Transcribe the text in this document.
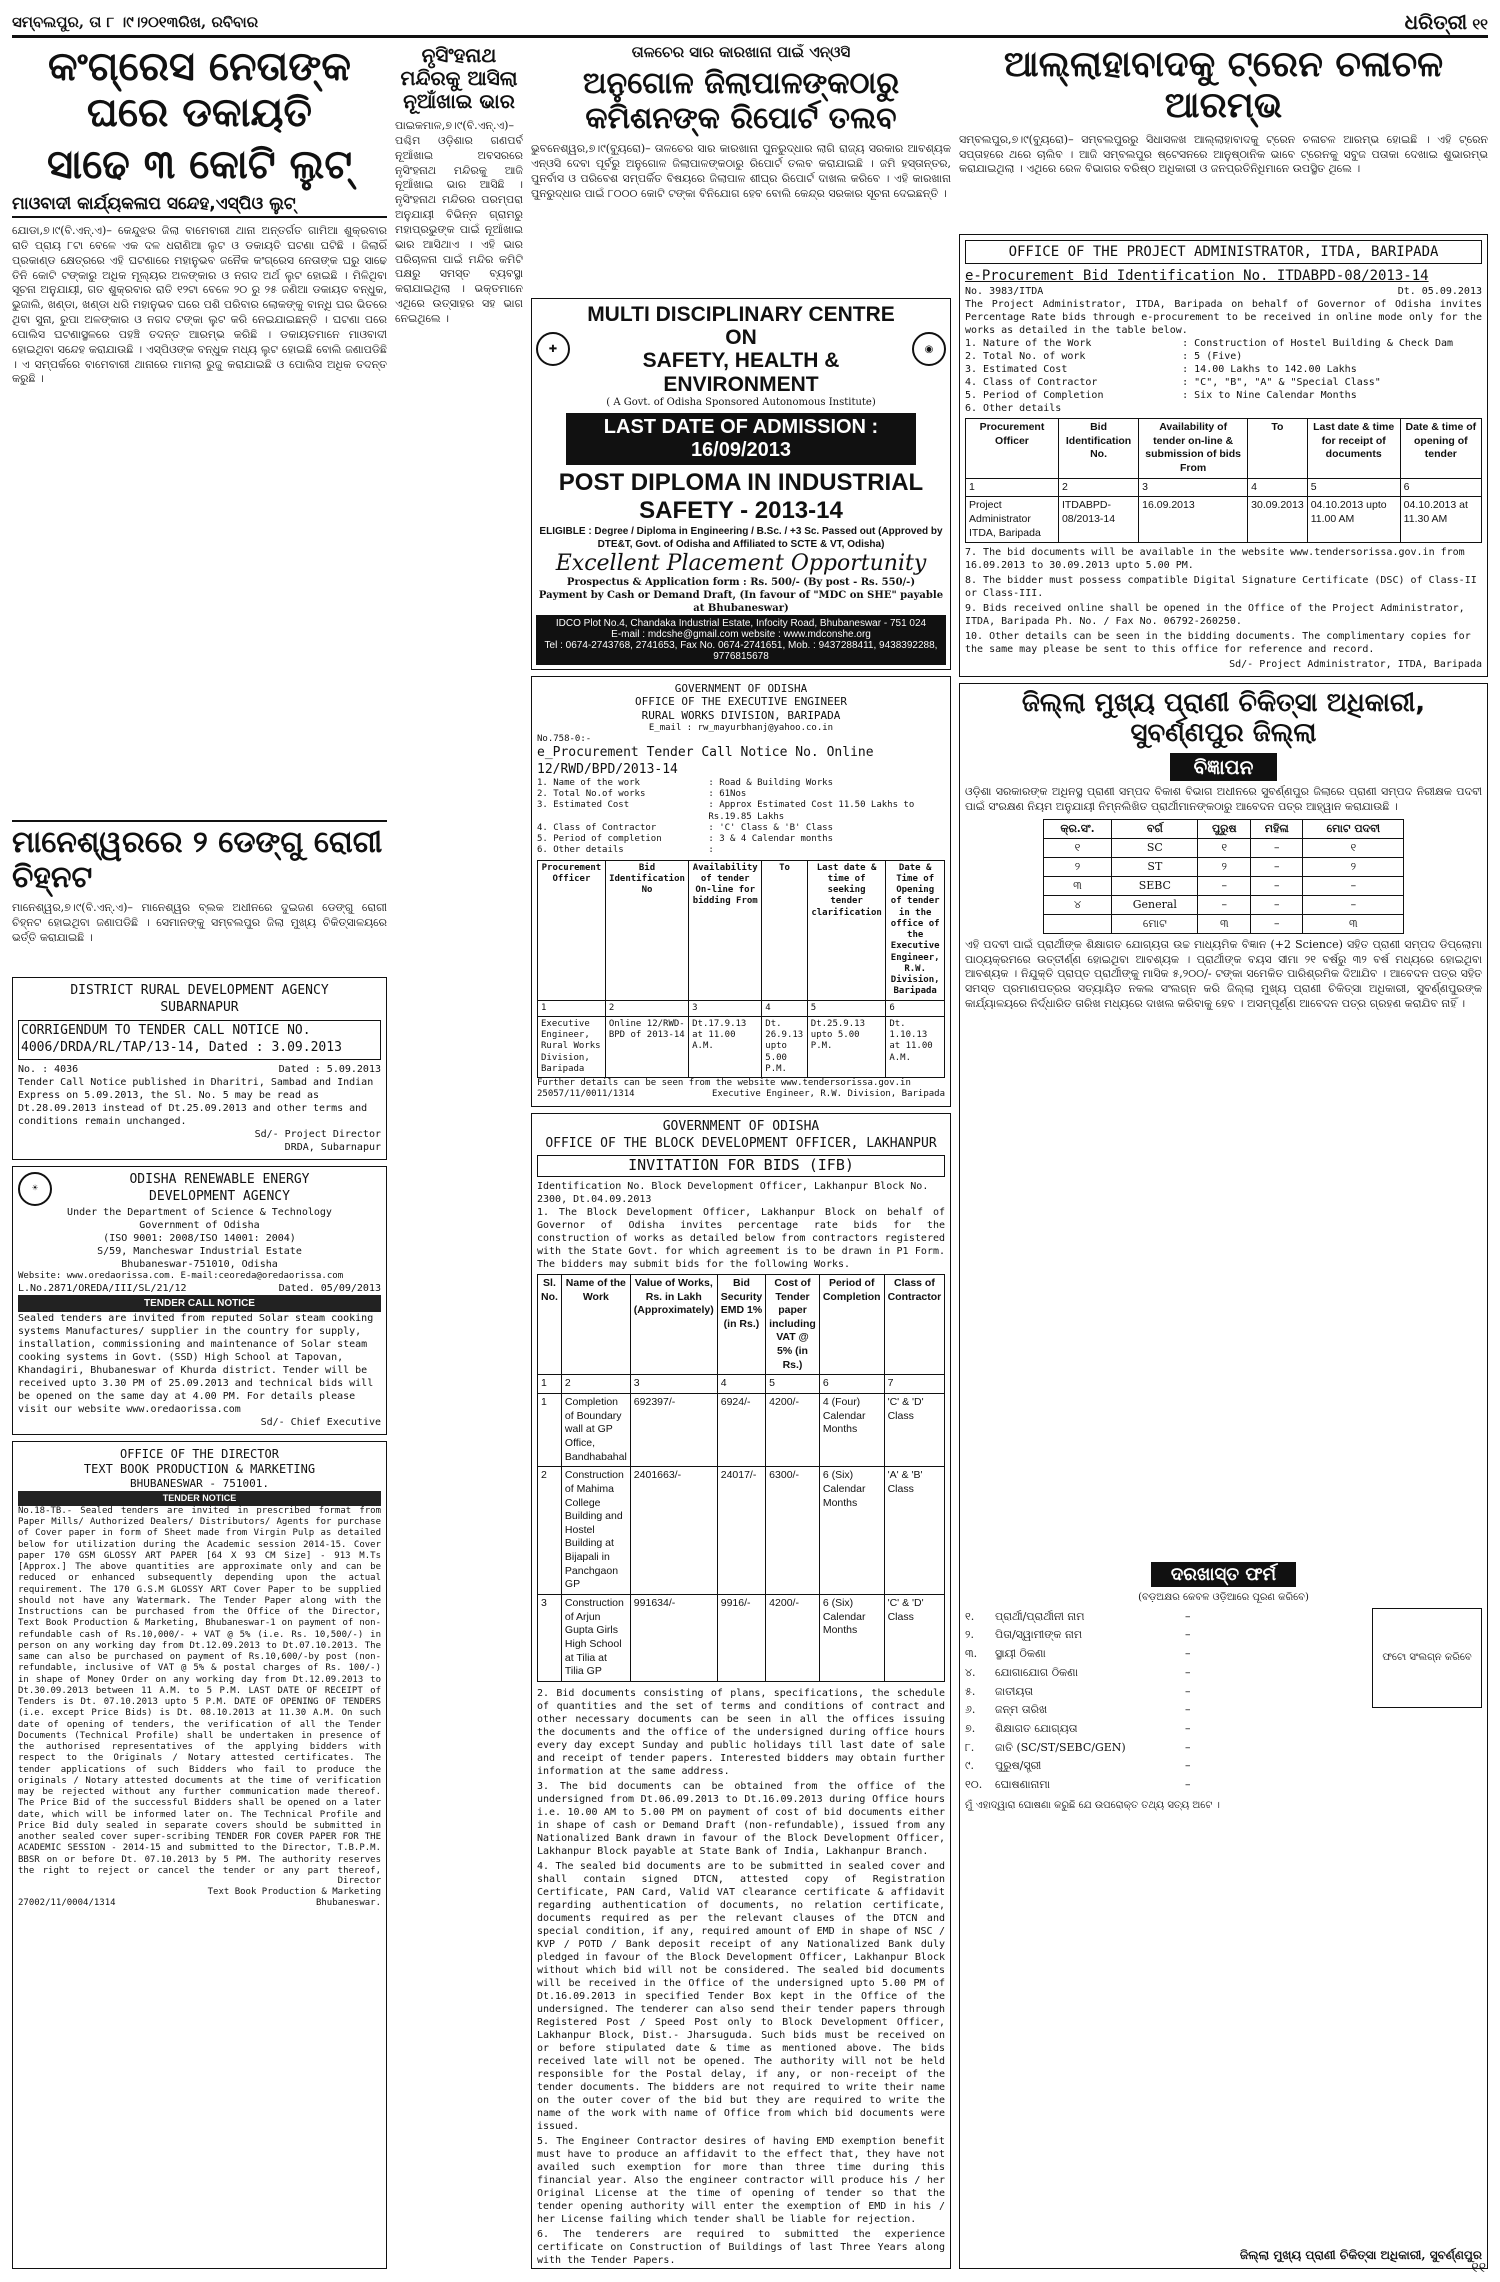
ସମ୍ବଲପୁର, ତା ୮ ।୯।୨୦୧୩ରିଖ, ରବିବାର	ଧରିତ୍ରୀ ୧୧
କଂଗ୍ରେସ ନେତାଙ୍କ ଘରେ ଡକାୟତି
ସାଢେ ୩ କୋଟି ଲୁଟ୍
ମାଓବାଦୀ କାର୍ଯ୍ୟକଳାପ ସନ୍ଦେହ,ଏସ୍‌ପିଓ ଲୁଟ୍
ଯୋଡା,୭।୯(ବି.ଏନ୍.ଏ)– କେନ୍ଦୁଝର ଜିଲା ବାମେବାରୀ ଥାନା ଅନ୍ତର୍ଗତ ଗାମିଆ ଶୁକ୍ରବାର ରାତି ପ୍ରାୟ ୮ଟା ବେଳେ ଏକ ଦଳ ଧରାଣିଆ ଲୁଟ ଓ ଡକାୟତି ଘଟଣା ଘଟିଛି । ଜିଲାରିଁ ପ୍ରକାଣ୍ଡ କ୍ଷେତ୍ରରେ ଏହି ଘଟଣାରେ ମହାନୁଭବ ଜନୈକ କଂଗ୍ରେସ ନେତାଙ୍କ ଘରୁ ସାଢେ ତିନି କୋଟି ଟଙ୍କାରୁ ଅଧିକ ମୂଲ୍ୟର ଅଳଙ୍କାର ଓ ନଗଦ ଅର୍ଥ ଲୁଟ ହୋଇଛି । ମିଳିଥିବା ସୂଚନା ଅନୁଯାୟୀ, ଗତ ଶୁକ୍ରବାର ରାତି ୧୨ଟା ବେଳେ ୨୦ ରୁ ୨୫ ଜଣିଆ ଡକାୟତ ବନ୍ଧୁକ, ଭୁଜାଲି, ଖଣ୍ଡା, ଖଣ୍ଡା ଧରି ମହାନୁଭବ ଘରେ ପଶି ପରିବାର ଲୋକଙ୍କୁ ବାନ୍ଧି ଘର ଭିତରେ ଥିବା ସୁନା, ରୁପା ଅଳଙ୍କାର ଓ ନଗଦ ଟଙ୍କା ଲୁଟ କରି ନେଇଯାଇଛନ୍ତି । ଘଟଣା ପରେ ପୋଲିସ ଘଟଣାସ୍ଥଳରେ ପହଞ୍ଚି ତଦନ୍ତ ଆରମ୍ଭ କରିଛି । ଡକାୟତମାନେ ମାଓବାଦୀ ହୋଇଥିବା ସନ୍ଦେହ କରାଯାଉଛି । ଏସ୍‌ପିଓଙ୍କ ବନ୍ଧୁକ ମଧ୍ୟ ଲୁଟ ହୋଇଛି ବୋଲି ଜଣାପଡିଛି । ଏ ସମ୍ପର୍କରେ ବାମେବାରୀ ଥାନାରେ ମାମଲା ରୁଜୁ କରାଯାଇଛି ଓ ପୋଲିସ ଅଧିକ ତଦନ୍ତ କରୁଛି ।
ମାନେଶ୍ୱରରେ ୨ ଡେଙ୍ଗୁ ରୋଗୀ ଚିହ୍ନଟ
ମାନେଶ୍ୱର,୭।୯(ବି.ଏନ୍.ଏ)– ମାନେଶ୍ୱର ବ୍ଲକ ଅଧୀନରେ ଦୁଇଜଣ ଡେଙ୍ଗୁ ରୋଗୀ ଚିହ୍ନଟ ହୋଇଥିବା ଜଣାପଡିଛି । ସେମାନଙ୍କୁ ସମ୍ବଲପୁର ଜିଲା ମୁଖ୍ୟ ଚିକିତ୍ସାଳୟରେ ଭର୍ତ୍ତି କରାଯାଇଛି ।
DISTRICT RURAL DEVELOPMENT AGENCY
SUBARNAPUR
CORRIGENDUM TO TENDER CALL NOTICE NO. 4006/DRDA/RL/TAP/13-14, Dated : 3.09.2013
No. : 4036	Dated : 5.09.2013
Tender Call Notice published in Dharitri, Sambad and Indian Express on 5.09.2013, the Sl. No. 5 may be read as Dt.28.09.2013 instead of Dt.25.09.2013 and other terms and conditions remain unchanged.
Sd/- Project Director
DRDA, Subarnapur
☀
ODISHA RENEWABLE ENERGY
DEVELOPMENT AGENCY
Under the Department of Science & Technology
Government of Odisha
(ISO 9001: 2008/ISO 14001: 2004)
S/59, Mancheswar Industrial Estate
Bhubaneswar-751010, Odisha
Website: www.oredaorissa.com. E-mail:ceoreda@oredaorissa.com
L.No.2871/OREDA/III/SL/21/12	Dated. 05/09/2013
TENDER CALL NOTICE
Sealed tenders are invited from reputed Solar steam cooking systems Manufactures/ supplier in the country for supply, installation, commissioning and maintenance of Solar steam cooking systems in Govt. (SSD) High School at Tapovan, Khandagiri, Bhubaneswar of Khurda district. Tender will be received upto 3.30 PM of 25.09.2013 and technical bids will be opened on the same day at 4.00 PM. For details please visit our website www.oredaorissa.com
Sd/- Chief Executive
OFFICE OF THE DIRECTOR
TEXT BOOK PRODUCTION & MARKETING
BHUBANESWAR - 751001.
TENDER NOTICE
No.18-TB.- Sealed tenders are invited in prescribed format from Paper Mills/ Authorized Dealers/ Distributors/ Agents for purchase of Cover paper in form of Sheet made from Virgin Pulp as detailed below for utilization during the Academic session 2014-15. Cover paper 170 GSM GLOSSY ART PAPER [64 X 93 CM Size] - 913 M.Ts [Approx.] The above quantities are approximate only and can be reduced or enhanced subsequently depending upon the actual requirement. The 170 G.S.M GLOSSY ART Cover Paper to be supplied should not have any Watermark. The Tender Paper along with the Instructions can be purchased from the Office of the Director, Text Book Production & Marketing, Bhubaneswar-1 on payment of non-refundable cash of Rs.10,000/- + VAT @ 5% (i.e. Rs. 10,500/-) in person on any working day from Dt.12.09.2013 to Dt.07.10.2013. The same can also be purchased on payment of Rs.10,600/-by post (non-refundable, inclusive of VAT @ 5% & postal charges of Rs. 100/-) in shape of Money Order on any working day from Dt.12.09.2013 to Dt.30.09.2013 between 11 A.M. to 5 P.M. LAST DATE OF RECEIPT of Tenders is Dt. 07.10.2013 upto 5 P.M. DATE OF OPENING OF TENDERS (i.e. except Price Bids) is Dt. 08.10.2013 at 11.30 A.M. On such date of opening of tenders, the verification of all the Tender Documents (Technical Profile) shall be undertaken in presence of the authorised representatives of the applying bidders with respect to the Originals / Notary attested certificates. The tender applications of such Bidders who fail to produce the originals / Notary attested documents at the time of verification may be rejected without any further communication made thereof. The Price Bid of the successful Bidders shall be opened on a later date, which will be informed later on. The Technical Profile and Price Bid duly sealed in separate covers should be submitted in another sealed cover super-scribing TENDER FOR COVER PAPER FOR THE ACADEMIC SESSION - 2014-15 and submitted to the Director, T.B.P.M. BBSR on or before Dt. 07.10.2013 by 5 PM. The authority reserves the right to reject or cancel the tender or any part thereof,
Director
Text Book Production & Marketing
27002/11/0004/1314	Bhubaneswar.
ନୃସିଂହନାଥ ମନ୍ଦିରକୁ ଆସିଲା ନୂଆଁଖାଇ ଭାର
ପାଇକମାଳ,୭।୯(ବି.ଏନ୍.ଏ)– ପଶ୍ଚିମ ଓଡ଼ିଶାର ଗଣପର୍ବ ନୂଆଁଖାଇ ଅବସରରେ ନୃସିଂହନାଥ ମନ୍ଦିରକୁ ଆଜି ନୂଆଁଖାଇ ଭାର ଆସିଛି । ନୃସିଂହନାଥ ମନ୍ଦିରର ପରମ୍ପରା ଅନୁଯାୟୀ ବିଭିନ୍ନ ଗ୍ରାମରୁ ମହାପ୍ରଭୁଙ୍କ ପାଇଁ ନୂଆଁଖାଇ ଭାର ଆସିଥାଏ । ଏହି ଭାର ପରିଚାଳନା ପାଇଁ ମନ୍ଦିର କମିଟି ପକ୍ଷରୁ ସମସ୍ତ ବ୍ୟବସ୍ଥା କରାଯାଇଥିଲା । ଭକ୍ତମାନେ ଏଥିରେ ଉତ୍ସାହର ସହ ଭାଗ ନେଇଥିଲେ ।
ତାଳଚେର ସାର କାରଖାନା ପାଇଁ ଏନ୍‌ଓସି
ଅନୁଗୋଳ ଜିଲାପାଳଙ୍କଠାରୁ କମିଶନଙ୍କ ରିପୋର୍ଟ ତଲବ
ଭୁବନେଶ୍ୱର,୭।୯(ବ୍ୟୁରୋ)– ତାଳଚେର ସାର କାରଖାନା ପୁନରୁଦ୍ଧାର ଲାଗି ରାଜ୍ୟ ସରକାର ଆବଶ୍ୟକ ଏନ୍‌ଓସି ଦେବା ପୂର୍ବରୁ ଅନୁଗୋଳ ଜିଲାପାଳଙ୍କଠାରୁ ରିପୋର୍ଟ ତଲବ କରାଯାଇଛି । ଜମି ହସ୍ତାନ୍ତର, ପୁନର୍ବାସ ଓ ପରିବେଶ ସମ୍ପର୍କିତ ବିଷୟରେ ଜିଲାପାଳ ଶୀଘ୍ର ରିପୋର୍ଟ ଦାଖଲ କରିବେ । ଏହି କାରଖାନା ପୁନରୁଦ୍ଧାର ପାଇଁ ୮୦୦୦ କୋଟି ଟଙ୍କା ବିନିଯୋଗ ହେବ ବୋଲି କେନ୍ଦ୍ର ସରକାର ସୂଚନା ଦେଇଛନ୍ତି ।
✚
MULTI DISCIPLINARY CENTRE ON
SAFETY, HEALTH & ENVIRONMENT
◉
( A Govt. of Odisha Sponsored Autonomous Institute)
LAST DATE OF ADMISSION : 16/09/2013
POST DIPLOMA IN INDUSTRIAL SAFETY - 2013-14
ELIGIBLE : Degree / Diploma in Engineering / B.Sc. / +3 Sc. Passed out (Approved by DTE&T, Govt. of Odisha and Affiliated to SCTE & VT, Odisha)
Excellent Placement Opportunity
Prospectus & Application form : Rs. 500/- (By post - Rs. 550/-)
Payment by Cash or Demand Draft, (In favour of "MDC on SHE" payable at Bhubaneswar)
IDCO Plot No.4, Chandaka Industrial Estate, Infocity Road, Bhubaneswar - 751 024
E-mail : mdcshe@gmail.com website : www.mdconshe.org
Tel : 0674-2743768, 2741653, Fax No. 0674-2741651, Mob. : 9437288411, 9438392288, 9776815678
GOVERNMENT OF ODISHA
OFFICE OF THE EXECUTIVE ENGINEER
RURAL WORKS DIVISION, BARIPADA
E_mail : rw_mayurbhanj@yahoo.co.in
No.758-0:-
e_Procurement Tender Call Notice No. Online 12/RWD/BPD/2013-14
1. Name of the work	: Road & Building Works
2. Total No.of works	: 61Nos
3. Estimated Cost	: Approx Estimated Cost 11.50 Lakhs to Rs.19.85 Lakhs
4. Class of Contractor	: 'C' Class & 'B' Class
5. Period of completion	: 3 & 4 Calendar months
6. Other details	:
Procurement Officer	Bid Identification No	Availability of tender On-line for bidding From	To	Last date & time of seeking tender clarification	Date & Time of Opening of tender in the office of the Executive Engineer, R.W. Division, Baripada
1	2	3	4	5	6
Executive Engineer, Rural Works Division, Baripada	Online 12/RWD-BPD of 2013-14	Dt.17.9.13 at 11.00 A.M.	Dt. 26.9.13 upto 5.00 P.M.	Dt.25.9.13 upto 5.00 P.M.	Dt. 1.10.13 at 11.00 A.M.
Further details can be seen from the website www.tendersorissa.gov.in
25057/11/0011/1314	Executive Engineer, R.W. Division, Baripada
GOVERNMENT OF ODISHA
OFFICE OF THE BLOCK DEVELOPMENT OFFICER, LAKHANPUR
INVITATION FOR BIDS (IFB)
Identification No. Block Development Officer, Lakhanpur Block No. 2300, Dt.04.09.2013
1. The Block Development Officer, Lakhanpur Block on behalf of Governor of Odisha invites percentage rate bids for the construction of works as detailed below from contractors registered with the State Govt. for which agreement is to be drawn in P1 Form. The bidders may submit bids for the following Works.
Sl. No.	Name of the Work	Value of Works, Rs. in Lakh (Approximately)	Bid Security EMD 1% (in Rs.)	Cost of Tender paper including VAT @ 5% (in Rs.)	Period of Completion	Class of Contractor
1	2	3	4	5	6	7
1	Completion of Boundary wall at GP Office, Bandhabahal	692397/-	6924/-	4200/-	4 (Four) Calendar Months	'C' & 'D' Class
2	Construction of Mahima College Building and Hostel Building at Bijapali in Panchgaon GP	2401663/-	24017/-	6300/-	6 (Six) Calendar Months	'A' & 'B' Class
3	Construction of Arjun Gupta Girls High School at Tilia at Tilia GP	991634/-	9916/-	4200/-	6 (Six) Calendar Months	'C' & 'D' Class

2. Bid documents consisting of plans, specifications, the schedule of quantities and the set of terms and conditions of contract and other necessary documents can be seen in all the offices issuing the documents and the office of the undersigned during office hours every day except Sunday and public holidays till last date of sale and receipt of tender papers. Interested bidders may obtain further information at the same address.

3. The bid documents can be obtained from the office of the undersigned from Dt.06.09.2013 to Dt.16.09.2013 during Office hours i.e. 10.00 AM to 5.00 PM on payment of cost of bid documents either in shape of cash or Demand Draft (non-refundable), issued from any Nationalized Bank drawn in favour of the Block Development Officer, Lakhanpur Block payable at State Bank of India, Lakhanpur Branch.

4. The sealed bid documents are to be submitted in sealed cover and shall contain signed DTCN, attested copy of Registration Certificate, PAN Card, Valid VAT clearance certificate & affidavit regarding authentication of documents, no relation certificate, documents required as per the relevant clauses of the DTCN and special condition, if any, required amount of EMD in shape of NSC / KVP / POTD / Bank deposit receipt of any Nationalized Bank duly pledged in favour of the Block Development Officer, Lakhanpur Block without which bid will not be considered. The sealed bid documents will be received in the Office of the undersigned upto 5.00 PM of Dt.16.09.2013 in specified Tender Box kept in the Office of the undersigned. The tenderer can also send their tender papers through Registered Post / Speed Post only to Block Development Officer, Lakhanpur Block, Dist.- Jharsuguda. Such bids must be received on or before stipulated date & time as mentioned above. The bids received late will not be opened. The authority will not be held responsible for the Postal delay, if any, or non-receipt of the tender documents. The bidders are not required to write their name on the outer cover of the bid but they are required to write the name of the work with name of Office from which bid documents were issued.

5. The Engineer Contractor desires of having EMD exemption benefit must have to produce an affidavit to the effect that, they have not availed such exemption for more than three time during this financial year. Also the engineer contractor will produce his / her Original License at the time of opening of tender so that the tender opening authority will enter the exemption of EMD in his / her License failing which tender shall be liable for rejection.

6. The tenderers are required to submitted the experience certificate on Construction of Buildings of last Three Years along with the Tender Papers.

ଆଲ୍ଲାହାବାଦକୁ ଟ୍ରେନ ଚଳାଚଳ ଆରମ୍ଭ
ସମ୍ବଲପୁର,୭।୯(ବ୍ୟୁରୋ)– ସମ୍ବଲପୁରରୁ ସିଧାସଳଖ ଆଲ୍ଲାହାବାଦକୁ ଟ୍ରେନ ଚଳାଚଳ ଆରମ୍ଭ ହୋଇଛି । ଏହି ଟ୍ରେନ ସପ୍ତାହରେ ଥରେ ଚାଲିବ । ଆଜି ସମ୍ବଲପୁର ଷ୍ଟେସନରେ ଆନୁଷ୍ଠାନିକ ଭାବେ ଟ୍ରେନକୁ ସବୁଜ ପତାକା ଦେଖାଇ ଶୁଭାରମ୍ଭ କରାଯାଇଥିଲା । ଏଥିରେ ରେଳ ବିଭାଗର ବରିଷ୍ଠ ଅଧିକାରୀ ଓ ଜନପ୍ରତିନିଧିମାନେ ଉପସ୍ଥିତ ଥିଲେ ।
OFFICE OF THE PROJECT ADMINISTRATOR, ITDA, BARIPADA
e-Procurement Bid Identification No. ITDABPD-08/2013-14
No. 3983/ITDA	Dt. 05.09.2013
The Project Administrator, ITDA, Baripada on behalf of Governor of Odisha invites Percentage Rate bids through e-procurement to be received in online mode only for the works as detailed in the table below.
1. Nature of the Work	: Construction of Hostel Building & Check Dam
2. Total No. of work	: 5 (Five)
3. Estimated Cost	: 14.00 Lakhs to 142.00 Lakhs
4. Class of Contractor	: "C", "B", "A" & "Special Class"
5. Period of Completion	: Six to Nine Calendar Months
6. Other details
Procurement Officer	Bid Identification No.	Availability of tender on-line & submission of bids From	To	Last date & time for receipt of documents	Date & time of opening of tender
1	2	3	4	5	6
Project Administrator ITDA, Baripada	ITDABPD-08/2013-14	16.09.2013	30.09.2013	04.10.2013 upto 11.00 AM	04.10.2013 at 11.30 AM

7. The bid documents will be available in the website www.tendersorissa.gov.in from 16.09.2013 to 30.09.2013 upto 5.00 PM.

8. The bidder must possess compatible Digital Signature Certificate (DSC) of Class-II or Class-III.

9. Bids received online shall be opened in the Office of the Project Administrator, ITDA, Baripada Ph. No. / Fax No. 06792-260250.

10. Other details can be seen in the bidding documents. The complimentary copies for the same may please be sent to this office for reference and record.

Sd/- Project Administrator, ITDA, Baripada
ଜିଲ୍ଲା ମୁଖ୍ୟ ପ୍ରାଣୀ ଚିକିତ୍ସା ଅଧିକାରୀ, ସୁବର୍ଣ୍ଣପୁର ଜିଲ୍ଲା
ବିଜ୍ଞାପନ
ଓଡ଼ିଶା ସରକାରଙ୍କ ଅଧିନସ୍ଥ ପ୍ରାଣୀ ସମ୍ପଦ ବିକାଶ ବିଭାଗ ଅଧୀନରେ ସୁବର୍ଣ୍ଣପୁର ଜିଲାରେ ପ୍ରାଣୀ ସମ୍ପଦ ନିରୀକ୍ଷକ ପଦବୀ ପାଇଁ ସଂରକ୍ଷଣ ନିୟମ ଅନୁଯାୟୀ ନିମ୍ନଲିଖିତ ପ୍ରାର୍ଥୀମାନଙ୍କଠାରୁ ଆବେଦନ ପତ୍ର ଆହ୍ୱାନ କରାଯାଉଛି ।
କ୍ର.ସଂ.	ବର୍ଗ	ପୁରୁଷ	ମହିଳା	ମୋଟ ପଦବୀ
୧	SC	୧	–	୧
୨	ST	୨	–	୨
୩	SEBC	–	–	–
୪	General	–	–	–
	ମୋଟ	୩	–	୩
ଏହି ପଦବୀ ପାଇଁ ପ୍ରାର୍ଥୀଙ୍କ ଶିକ୍ଷାଗତ ଯୋଗ୍ୟତା ଉଚ୍ଚ ମାଧ୍ୟମିକ ବିଜ୍ଞାନ (+2 Science) ସହିତ ପ୍ରାଣୀ ସମ୍ପଦ ଡିପ୍ଲୋମା ପାଠ୍ୟକ୍ରମରେ ଉତ୍ତୀର୍ଣ୍ଣ ହୋଇଥିବା ଆବଶ୍ୟକ । ପ୍ରାର୍ଥୀଙ୍କ ବୟସ ସୀମା ୨୧ ବର୍ଷରୁ ୩୨ ବର୍ଷ ମଧ୍ୟରେ ହୋଇଥିବା ଆବଶ୍ୟକ । ନିଯୁକ୍ତି ପ୍ରାପ୍ତ ପ୍ରାର୍ଥୀଙ୍କୁ ମାସିକ ୫,୨୦୦/- ଟଙ୍କା ସମେକିତ ପାରିଶ୍ରମିକ ଦିଆଯିବ । ଆବେଦନ ପତ୍ର ସହିତ ସମସ୍ତ ପ୍ରମାଣପତ୍ରର ସତ୍ୟାୟିତ ନକଲ ସଂଲଗ୍ନ କରି ଜିଲ୍ଲା ମୁଖ୍ୟ ପ୍ରାଣୀ ଚିକିତ୍ସା ଅଧିକାରୀ, ସୁବର୍ଣ୍ଣପୁରଙ୍କ କାର୍ଯ୍ୟାଳୟରେ ନିର୍ଦ୍ଧାରିତ ତାରିଖ ମଧ୍ୟରେ ଦାଖଲ କରିବାକୁ ହେବ । ଅସମ୍ପୂର୍ଣ୍ଣ ଆବେଦନ ପତ୍ର ଗ୍ରହଣ କରାଯିବ ନାହିଁ ।
ଦରଖାସ୍ତ ଫର୍ମ
(ବଡ଼ଅକ୍ଷର କେବଳ ଓଡ଼ିଆରେ ପୂରଣ କରିବେ)
୧.	ପ୍ରାର୍ଥୀ/ପ୍ରାର୍ଥୀନୀ ନାମ	–
୨.	ପିତା/ସ୍ୱାମୀଙ୍କ ନାମ	–
୩.	ସ୍ଥାୟୀ ଠିକଣା	–
୪.	ଯୋଗାଯୋଗ ଠିକଣା	–
୫.	ଜାତୀୟତା	–
୬.	ଜନ୍ମ ତାରିଖ	–
୭.	ଶିକ୍ଷାଗତ ଯୋଗ୍ୟତା	–
୮.	ଜାତି (SC/ST/SEBC/GEN)	–
୯.	ପୁରୁଷ/ସ୍ତ୍ରୀ	–
୧୦.	ଘୋଷଣାନାମା	–
ଫଟୋ ସଂଲଗ୍ନ କରିବେ
ମୁଁ ଏହାଦ୍ୱାରା ଘୋଷଣା କରୁଛି ଯେ ଉପରୋକ୍ତ ତଥ୍ୟ ସତ୍ୟ ଅଟେ ।
ଜିଲ୍ଲା ମୁଖ୍ୟ ପ୍ରାଣୀ ଚିକିତ୍ସା ଅଧିକାରୀ, ସୁବର୍ଣ୍ଣପୁର
୧୧
